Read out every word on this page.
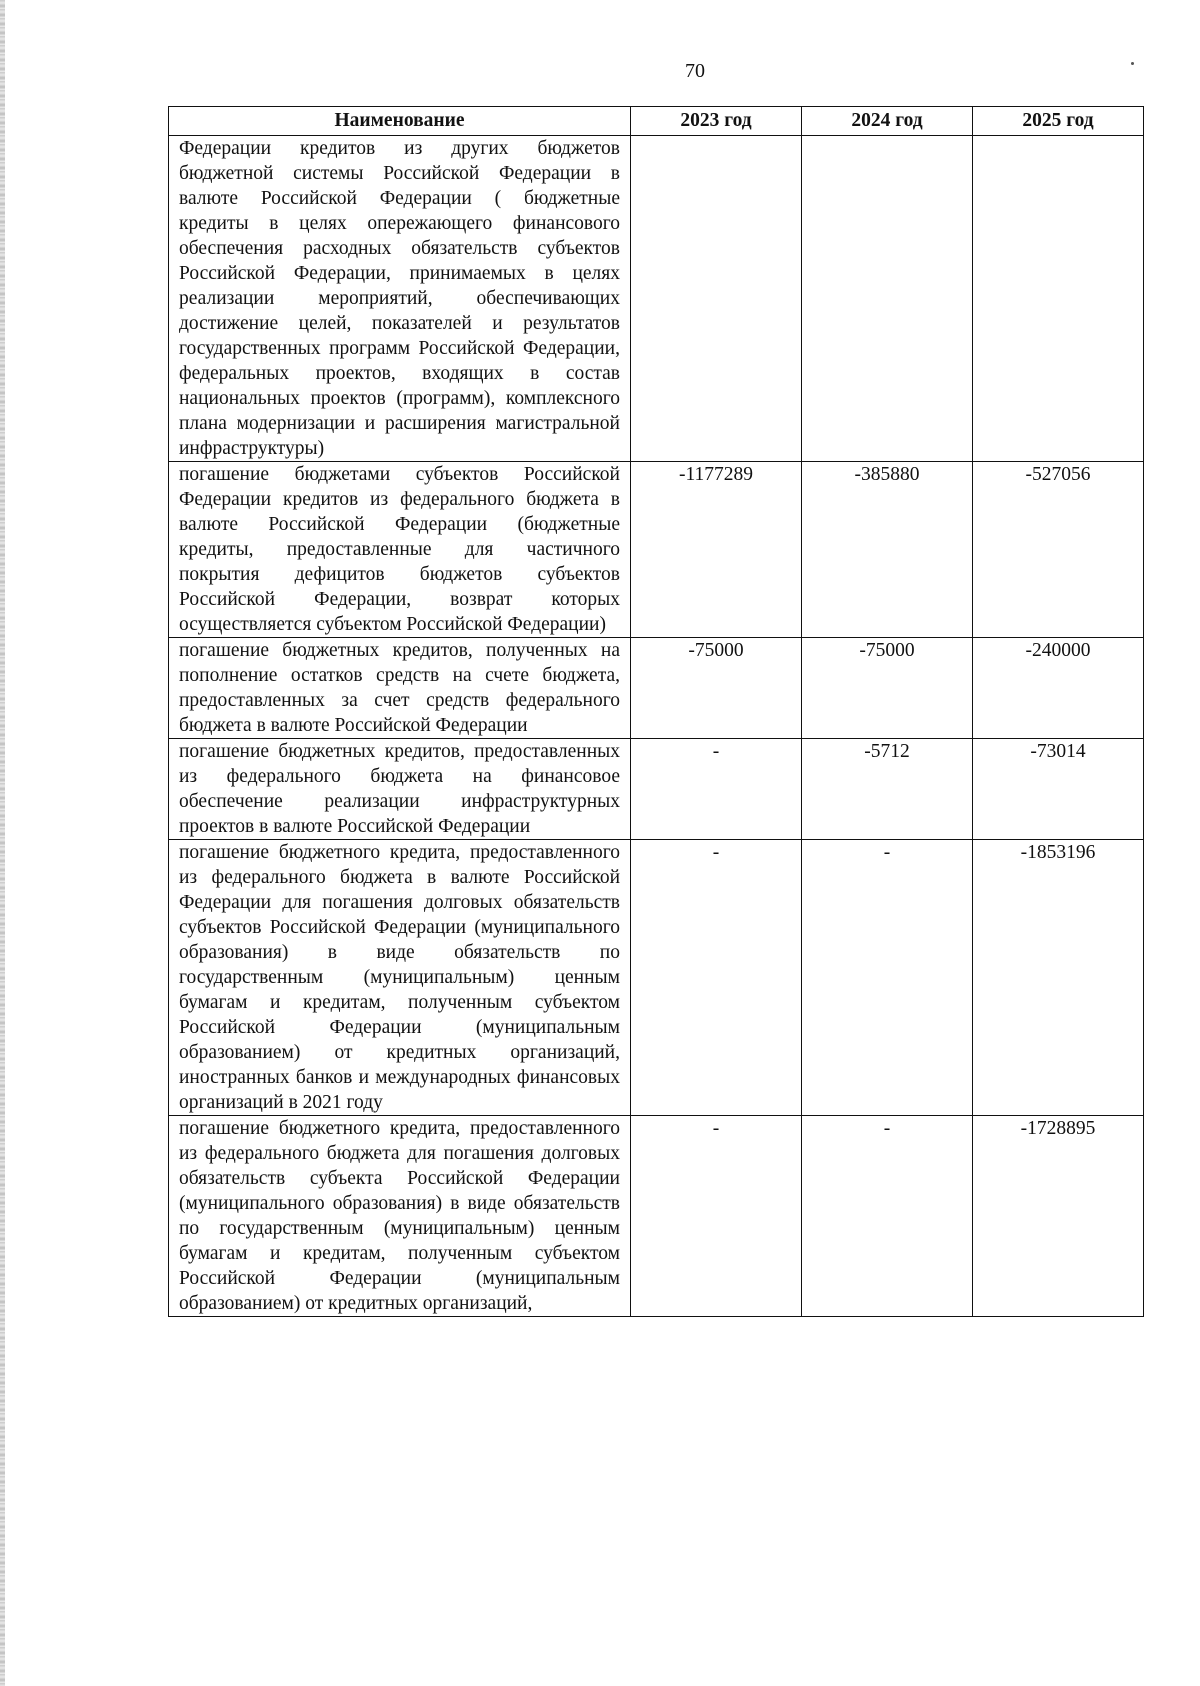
70
Наименование	2023 год	2024 год	2025 год
Федерации кредитов из других бюджетов бюджетной системы Российской Федерации в валюте Российской Федерации ( бюджетные кредиты в целях опережающего финансового обеспечения расходных обязательств субъектов Российской Федерации, принимаемых в целях реализации мероприятий, обеспечивающих достижение целей, показателей и результатов государственных программ Российской Федерации, федеральных проектов, входящих в состав национальных проектов (программ), комплексного плана модернизации и расширения магистральной инфраструктуры)			
погашение бюджетами субъектов Российской Федерации кредитов из федерального бюджета в валюте Российской Федерации (бюджетные кредиты, предоставленные для частичного покрытия дефицитов бюджетов субъектов Российской Федерации, возврат которых осуществляется субъектом Российской Федерации)	-1177289	-385880	-527056
погашение бюджетных кредитов, полученных на пополнение остатков средств на счете бюджета, предоставленных за счет средств федерального бюджета в валюте Российской Федерации	-75000	-75000	-240000
погашение бюджетных кредитов, предоставленных из федерального бюджета на финансовое обеспечение реализации инфраструктурных проектов в валюте Российской Федерации	-	-5712	-73014
погашение бюджетного кредита, предоставленного из федерального бюджета в валюте Российской Федерации для погашения долговых обязательств субъектов Российской Федерации (муниципального образования) в виде обязательств по государственным (муниципальным) ценным бумагам и кредитам, полученным субъектом Российской Федерации (муниципальным образованием) от кредитных организаций, иностранных банков и международных финансовых организаций в 2021 году	-	-	-1853196
погашение бюджетного кредита, предоставленного из федерального бюджета для погашения долговых обязательств субъекта Российской Федерации (муниципального образования) в виде обязательств по государственным (муниципальным) ценным бумагам и кредитам, полученным субъектом Российской Федерации (муниципальным образованием) от кредитных организаций,	-	-	-1728895
